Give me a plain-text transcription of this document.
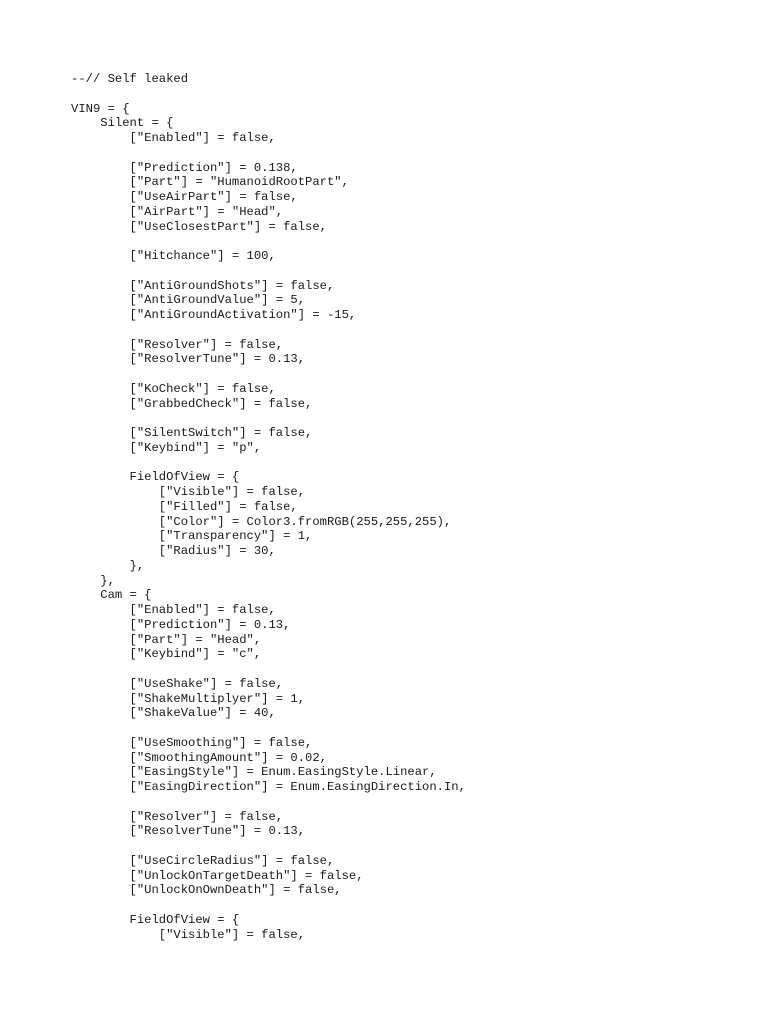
--// Self leaked
VIN9 = {
Silent = {
["Enabled"] = false,
["Prediction"] = 0.138,
["Part"] = "HumanoidRootPart",
["UseAirPart"] = false,
["AirPart"] = "Head",
["UseClosestPart"] = false,
["Hitchance"] = 100,
["AntiGroundShots"] = false,
["AntiGroundValue"] = 5,
["AntiGroundActivation"] = -15,
["Resolver"] = false,
["ResolverTune"] = 0.13,
["KoCheck"] = false,
["GrabbedCheck"] = false,
["SilentSwitch"] = false,
["Keybind"] = "p",
FieldOfView = {
["Visible"] = false,
["Filled"] = false,
["Color"] = Color3.fromRGB(255,255,255),
["Transparency"] = 1,
["Radius"] = 30,
},
},
Cam = {
["Enabled"] = false,
["Prediction"] = 0.13,
["Part"] = "Head",
["Keybind"] = "c",
["UseShake"] = false,
["ShakeMultiplyer"] = 1,
["ShakeValue"] = 40,
["UseSmoothing"] = false,
["SmoothingAmount"] = 0.02,
["EasingStyle"] = Enum.EasingStyle.Linear,
["EasingDirection"] = Enum.EasingDirection.In,
["Resolver"] = false,
["ResolverTune"] = 0.13,
["UseCircleRadius"] = false,
["UnlockOnTargetDeath"] = false,
["UnlockOnOwnDeath"] = false,
FieldOfView = {
["Visible"] = false,
